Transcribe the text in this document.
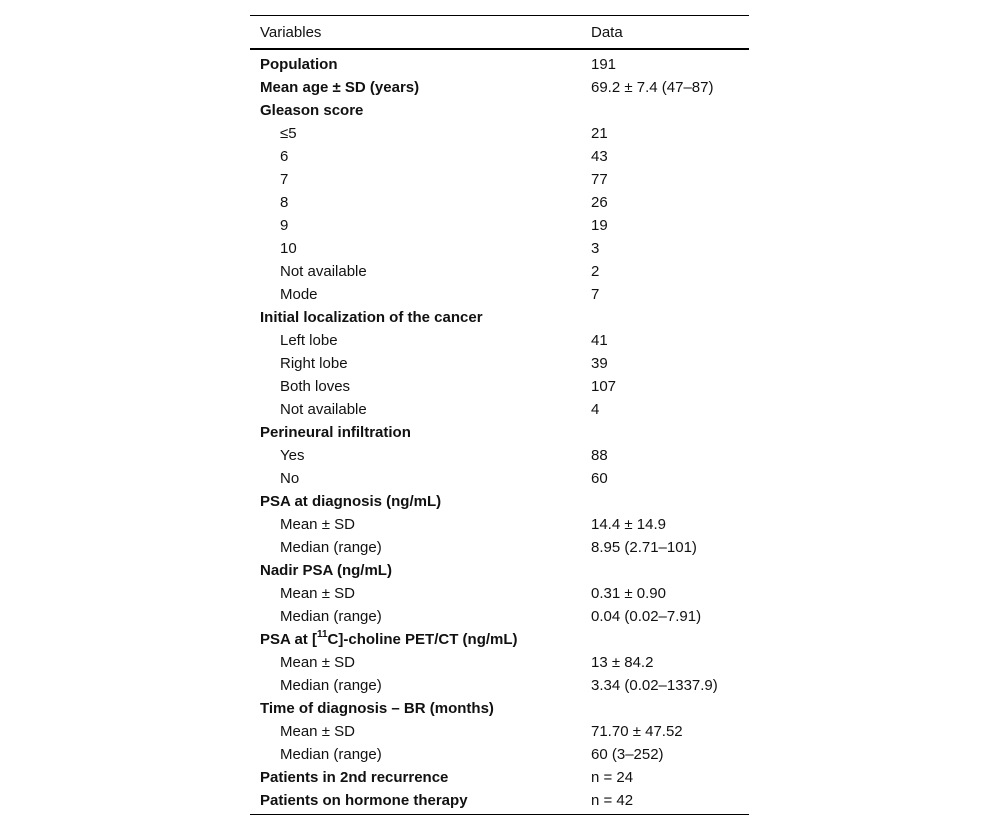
Variables	Data
Population	191
Mean age ± SD (years)	69.2 ± 7.4 (47–87)
Gleason score	
≤5	21
6	43
7	77
8	26
9	19
10	3
Not available	2
Mode	7
Initial localization of the cancer	
Left lobe	41
Right lobe	39
Both loves	107
Not available	4
Perineural infiltration	
Yes	88
No	60
PSA at diagnosis (ng/mL)	
Mean ± SD	14.4 ± 14.9
Median (range)	8.95 (2.71–101)
Nadir PSA (ng/mL)	
Mean ± SD	0.31 ± 0.90
Median (range)	0.04 (0.02–7.91)
PSA at [$^{11}$C]-choline PET/CT (ng/mL)	
Mean ± SD	13 ± 84.2
Median (range)	3.34 (0.02–1337.9)
Time of diagnosis – BR (months)	
Mean ± SD	71.70 ± 47.52
Median (range)	60 (3–252)
Patients in 2nd recurrence	n = 24
Patients on hormone therapy	n = 42
